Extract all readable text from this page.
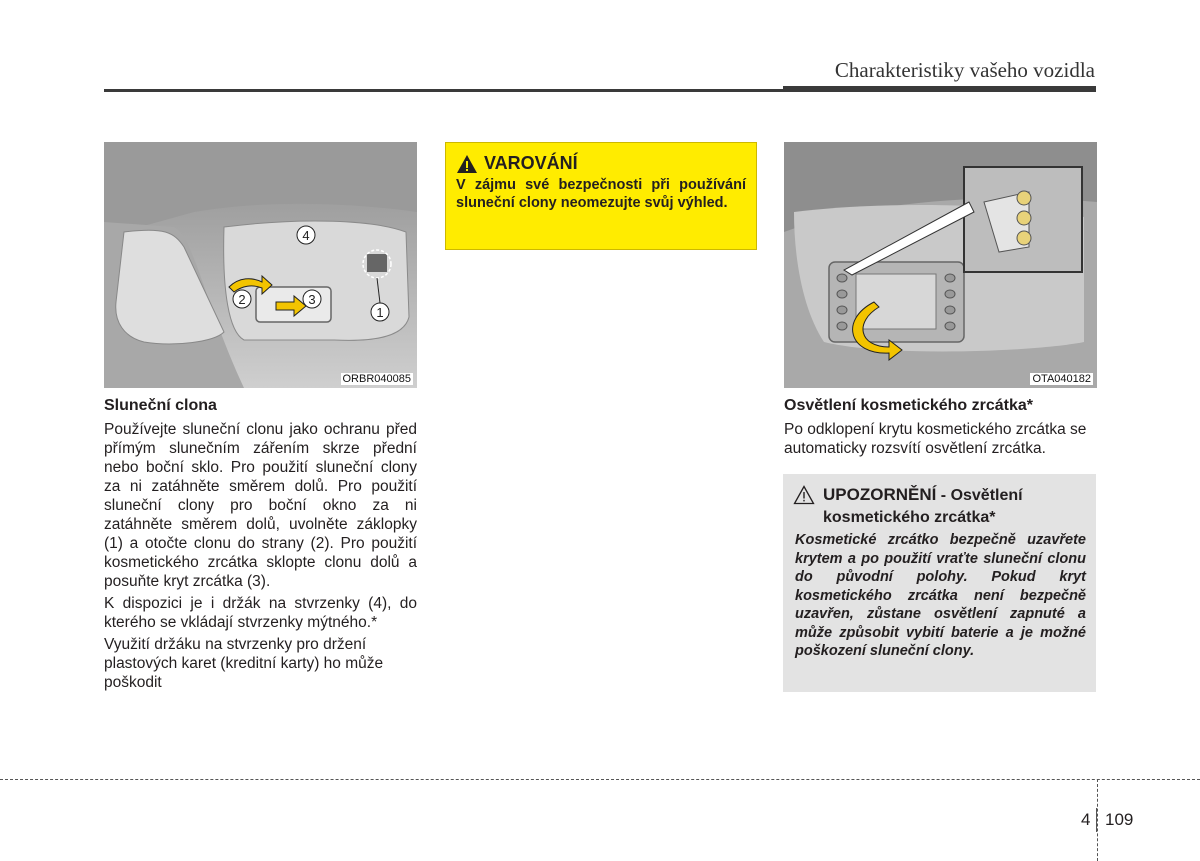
Charakteristiky vašeho vozidla
4
2	3
1
ORBR040085
VAROVÁNÍ
V zájmu své bezpečnosti při používání sluneční clony neomezujte svůj výhled.
OTA040182
Sluneční clona
Používejte sluneční clonu jako ochranu před přímým slunečním zářením skrze přední nebo boční sklo. Pro použití sluneční clony za ni zatáhněte směrem dolů. Pro použití sluneční clony pro boční okno za ni zatáhněte směrem dolů, uvolněte záklopky (1) a otočte clonu do strany (2). Pro použití kosmetického zrcátka sklopte clonu dolů a posuňte kryt zrcátka (3).
K dispozici je i držák na stvrzenky (4), do kterého se vkládají stvrzenky mýtného.*
Využití držáku na stvrzenky pro držení plastových karet (kreditní karty) ho může poškodit
Osvětlení kosmetického zrcátka*
Po odklopení krytu kosmetického zrcátka se automaticky rozsvítí osvětlení zrcátka.
UPOZORNĚNÍ - Osvětlení kosmetického zrcátka*
Kosmetické zrcátko bezpečně uzavřete krytem a po použití vraťte sluneční clonu do původní polohy. Pokud kryt kosmetického zrcátka není bezpečně uzavřen, zůstane osvětlení zapnuté a může způsobit vybití baterie a je možné poškození sluneční clony.
4 109
